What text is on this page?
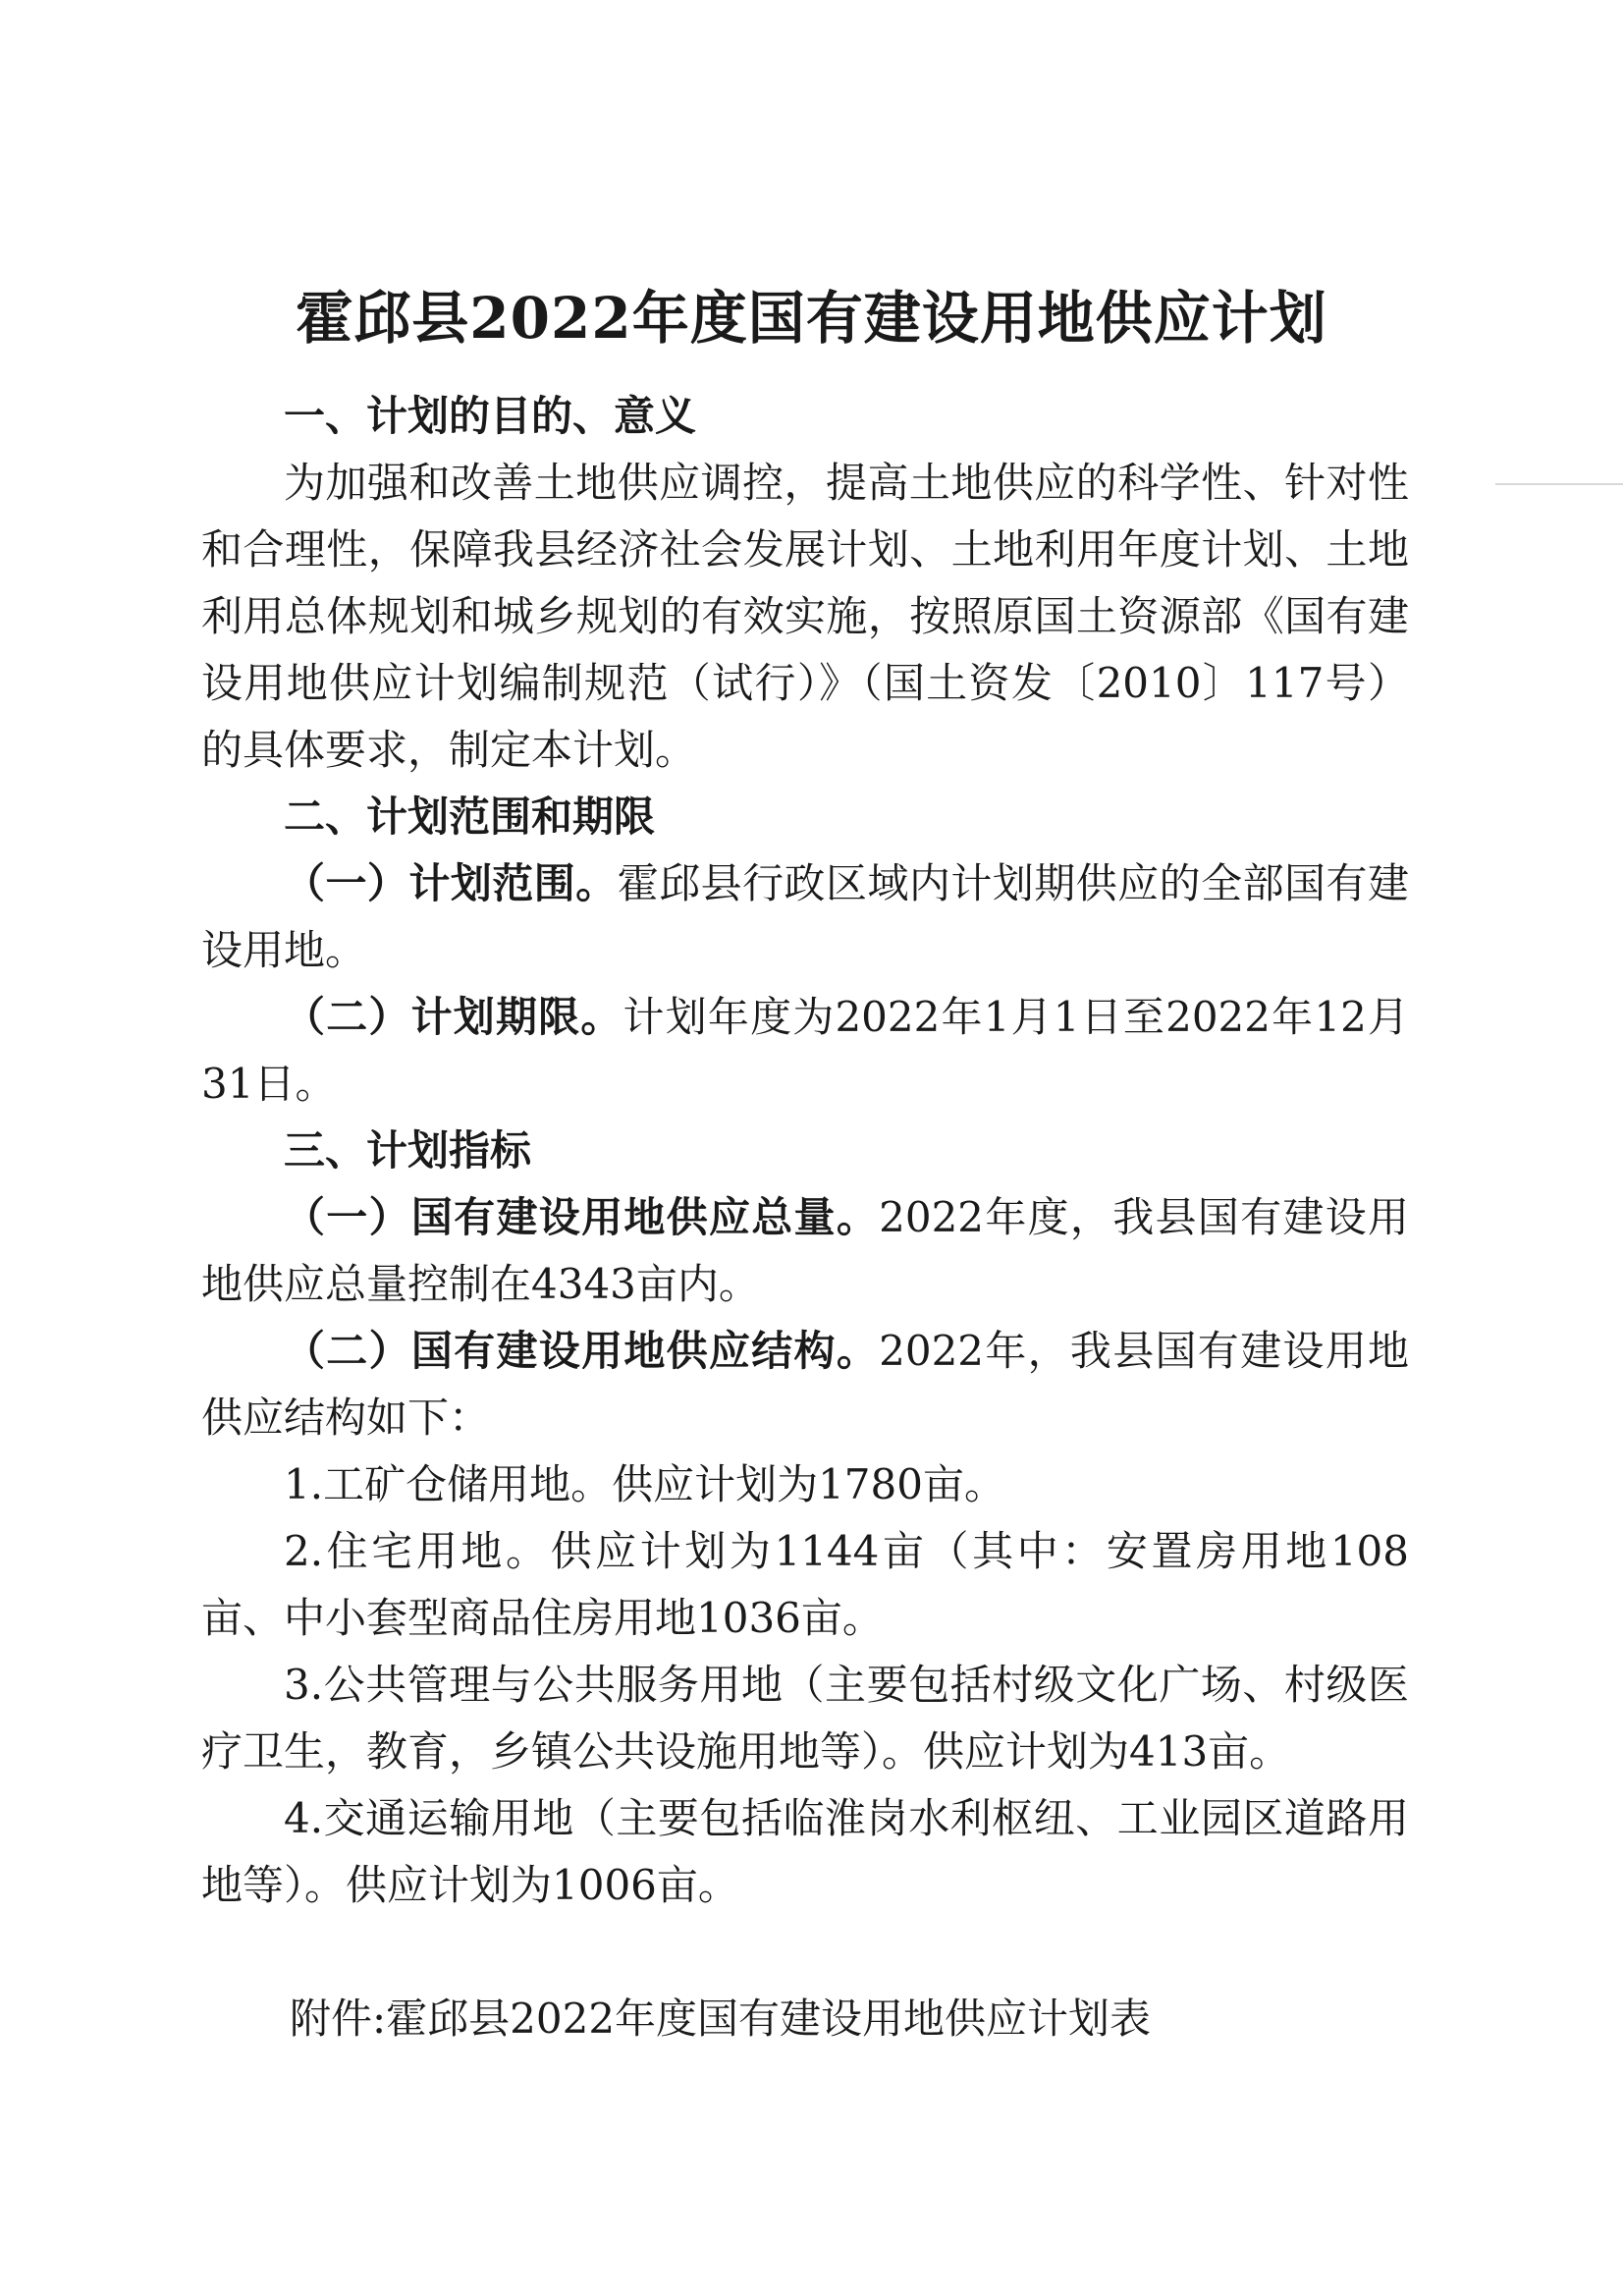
霍邱县2022年度国有建设用地供应计划

一、计划的目的、意义

为加强和改善土地供应调控，提高土地供应的科学性、针对性和合理性，保障我县经济社会发展计划、土地利用年度计划、土地利用总体规划和城乡规划的有效实施，按照原国土资源部《国有建设用地供应计划编制规范（试行）》（国土资发〔2010〕117号）的具体要求，制定本计划。

二、计划范围和期限

（一）计划范围。霍邱县行政区域内计划期供应的全部国有建设用地。

（二）计划期限。计划年度为2022年1月1日至2022年12月31日。

三、计划指标

（一）国有建设用地供应总量。2022年度，我县国有建设用地供应总量控制在4343亩内。

（二）国有建设用地供应结构。2022年，我县国有建设用地供应结构如下：

1.工矿仓储用地。供应计划为1780亩。

2.住宅用地。供应计划为1144亩（其中：安置房用地108亩、中小套型商品住房用地1036亩。

3.公共管理与公共服务用地（主要包括村级文化广场、村级医疗卫生，教育，乡镇公共设施用地等）。供应计划为413亩。

4.交通运输用地（主要包括临淮岗水利枢纽、工业园区道路用地等）。供应计划为1006亩。

附件:霍邱县2022年度国有建设用地供应计划表
